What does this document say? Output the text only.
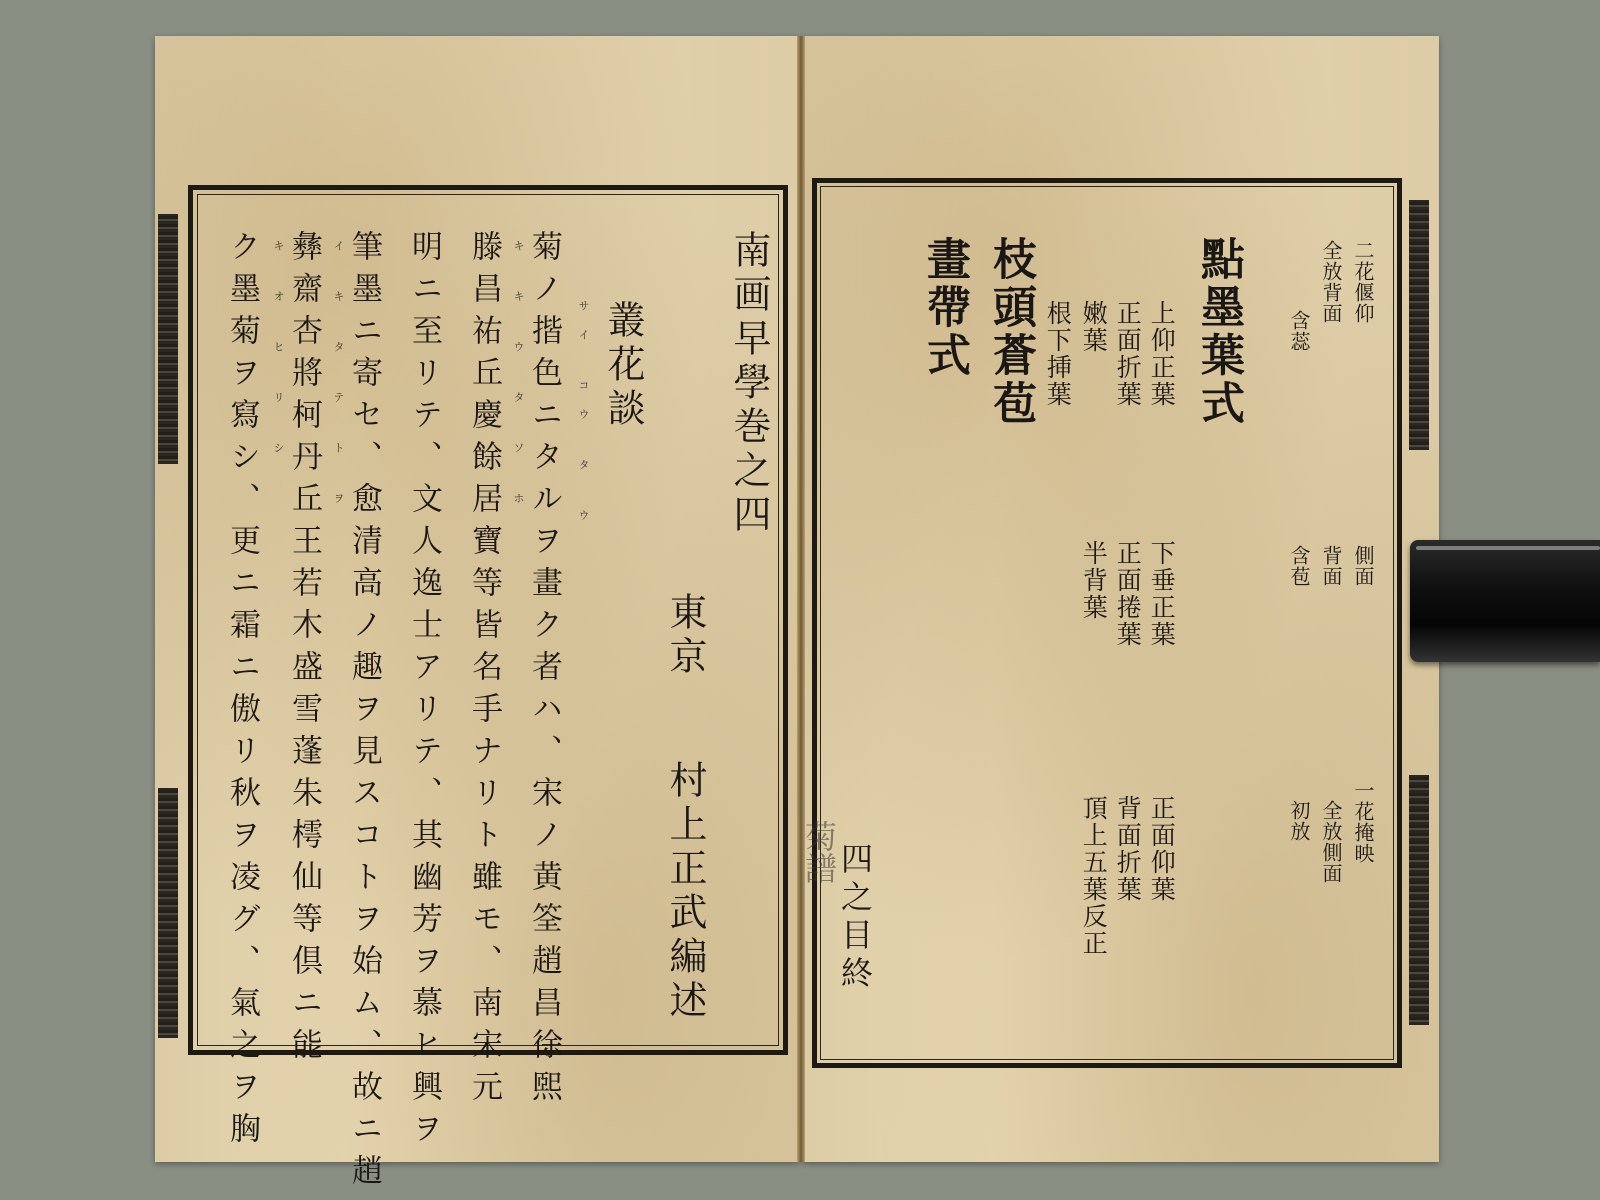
南画早學巻之四
叢花談
東京
村上正武編述
菊ノ揩色ニタルヲ畫ク者ハ、宋ノ黄筌趙昌徐煕
滕昌祐丘慶餘居寶等皆名手ナリト雖モ、南宋元
明ニ至リテ、文人逸士アリテ、其幽芳ヲ慕ヒ興ヲ
筆墨ニ寄セ、愈清高ノ趣ヲ見スコトヲ始ム、故ニ趙
彝齋杏將柯丹丘王若木盛雪蓬朱樗仙等倶ニ能
ク墨菊ヲ寫シ、更ニ霜ニ傲リ秋ヲ凌グ、氣之ヲ胸	サイ コウ タ ウ
キ キ ウ タ ソ ホ
イ キ タ テ ト ヲ
キ オ ヒ リ シ
菊譜
二花偃仰
全放背面
含蕊
點墨葉式
上仰正葉
正面折葉
嫩葉
根下挿葉
枝頭蒼苞
畫帶式
側面
背面
含苞
下垂正葉
正面捲葉
半背葉
一花掩映
全放側面
初放
正面仰葉
背面折葉
頂上五葉反正
四之目終
